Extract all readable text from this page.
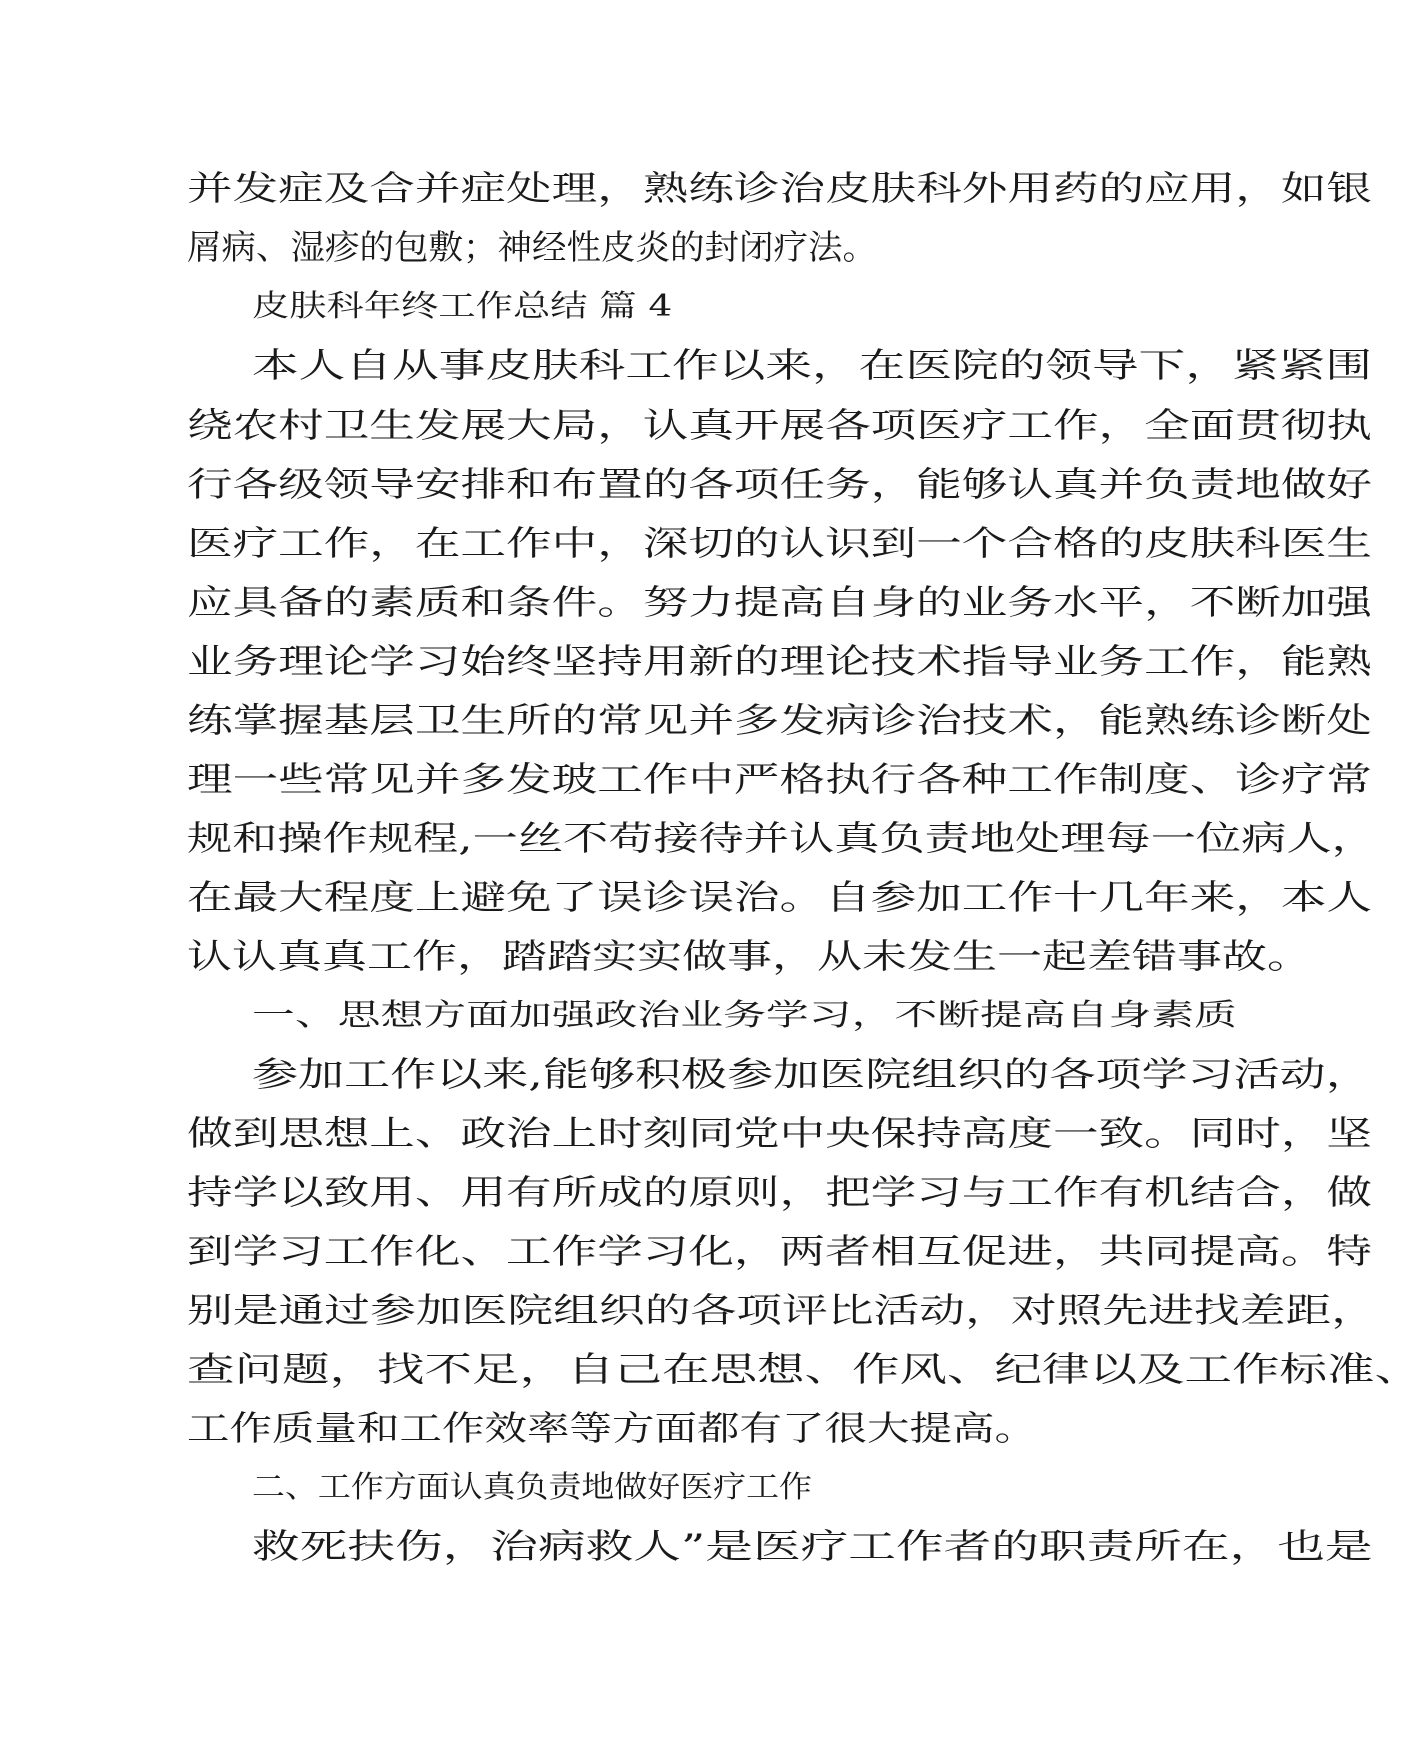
并发症及合并症处理，熟练诊治皮肤科外用药的应用，如银
屑病、湿疹的包敷；神经性皮炎的封闭疗法。
皮肤科年终工作总结 篇 4
本人自从事皮肤科工作以来，在医院的领导下，紧紧围
绕农村卫生发展大局，认真开展各项医疗工作，全面贯彻执
行各级领导安排和布置的各项任务，能够认真并负责地做好
医疗工作，在工作中，深切的认识到一个合格的皮肤科医生
应具备的素质和条件。努力提高自身的业务水平，不断加强
业务理论学习始终坚持用新的理论技术指导业务工作，能熟
练掌握基层卫生所的常见并多发病诊治技术，能熟练诊断处
理一些常见并多发玻工作中严格执行各种工作制度、诊疗常
规和操作规程,一丝不苟接待并认真负责地处理每一位病人，
在最大程度上避免了误诊误治。自参加工作十几年来，本人
认认真真工作，踏踏实实做事，从未发生一起差错事故。
一、思想方面加强政治业务学习，不断提高自身素质
参加工作以来,能够积极参加医院组织的各项学习活动，
做到思想上、政治上时刻同党中央保持高度一致。同时，坚
持学以致用、用有所成的原则，把学习与工作有机结合，做
到学习工作化、工作学习化，两者相互促进，共同提高。特
别是通过参加医院组织的各项评比活动，对照先进找差距，
查问题，找不足，自己在思想、作风、纪律以及工作标准、
工作质量和工作效率等方面都有了很大提高。
二、工作方面认真负责地做好医疗工作
救死扶伤，治病救人”是医疗工作者的职责所在，也是
